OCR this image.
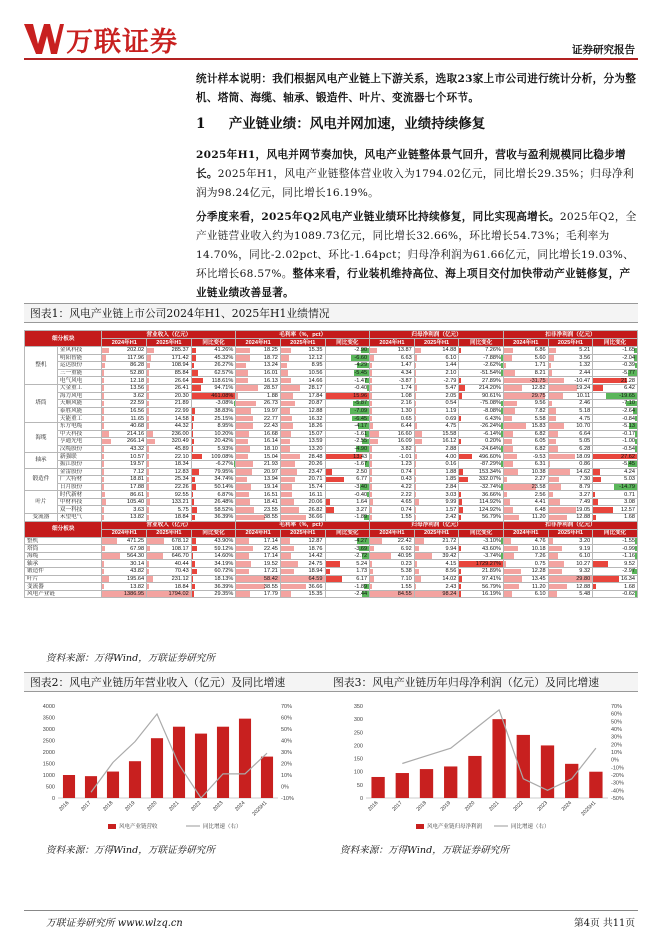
万联证券	证券研究报告
统计样本说明：我们根据风电产业链上下游关系，选取23家上市公司进行统计分析，分为整机、塔筒、海缆、轴承、锻造件、叶片、变流器七个环节。
1 产业链业绩：风电并网加速，业绩持续修复
2025年H1，风电并网节奏加快，风电产业链整体景气回升，营收与盈利规模同比稳步增长。2025年H1，风电产业链整体营业收入为1794.02亿元，同比增长29.35%；归母净利润为98.24亿元，同比增长16.19%。
分季度来看，2025年Q2风电产业链业绩环比持续修复，同比实现高增长。2025年Q2，全产业链营业收入约为1089.73亿元，同比增长32.66%，环比增长54.73%；毛利率为14.70%，同比-2.02pct、环比-1.64pct；归母净利润为61.66亿元，同比增长19.03%、环比增长68.57%。整体来看，行业装机维持高位、海上项目交付加快带动产业链修复，产业链业绩改善显著。
图表1：风电产业链上市公司2024年H1、2025年H1业绩情况
细分板块		营业收入（亿元）			毛利率（%，pct）			归母净利润（亿元）			扣非净利润（亿元）		
		2024年H1	2025年H1	同比变化	2024年H1	2025年H1	同比变化	2024年H1	2025年H1	同比变化	2024年H1	2025年H1	同比变化
整机	金风科技	202.02	285.37	41.26%	18.25	15.35	-2.90	13.87	14.88	7.26%	6.86	5.21	-1.65
	明阳智能	117.96	171.42	45.32%	18.72	12.12	-6.60	6.63	6.10	-7.88%	5.60	3.56	-2.04
	运达股份	86.28	108.94	26.27%	13.24	8.95	-4.29	1.47	1.44	-2.62%	1.71	1.32	-0.39
	三一重能	52.80	85.84	62.57%	16.01	10.56	-5.45	4.34	2.10	-51.54%	8.21	2.44	-5.77
	电气风电	12.18	26.64	118.61%	16.13	14.66	-1.47	-3.87	-2.79	27.89%	-31.75	-10.47	21.28
塔筒	大金重工	13.56	26.41	94.71%	28.57	28.17	-0.40	1.74	5.47	214.20%	12.82	19.24	6.42
	海力风电	3.62	20.30	461.08%	1.88	17.84	15.96	1.08	2.05	90.61%	29.75	10.11	-19.65
	天顺风能	22.59	21.89	-3.08%	26.73	20.87	-5.87	2.16	0.54	-75.08%	9.56	2.46	-7.10
	泰胜风能	16.56	22.99	38.83%	19.97	12.88	-7.09	1.30	1.19	-8.08%	7.82	5.18	-2.64
	天能重工	11.65	14.58	25.15%	22.77	16.32	-6.45	0.65	0.69	6.43%	5.58	4.75	-0.84
海缆	东方电缆	40.68	44.32	8.95%	22.43	18.26	-4.17	6.44	4.75	-26.24%	15.83	10.70	-5.13
	中天科技	214.16	236.00	10.20%	16.68	15.07	-1.61	16.60	15.58	-6.14%	6.82	6.64	-0.17
	亨通光电	266.14	320.49	20.42%	16.14	13.59	-2.55	16.09	16.12	0.20%	6.05	5.05	-1.00
	汉缆股份	43.32	45.89	5.93%	18.10	13.20	-4.90	3.82	2.88	-24.64%	6.82	6.28	-0.54
轴承	新强联	10.57	22.10	109.08%	15.04	28.48	13.43	-1.01	4.00	496.60%	-9.53	18.09	27.62
	振江股份	19.57	18.34	-6.27%	21.93	20.26	-1.67	1.23	0.16	-87.29%	6.31	0.86	-5.45
锻造件	金雷股份	7.12	12.83	79.95%	20.97	23.47	2.50	0.74	1.88	153.34%	10.38	14.62	4.24
	广大特材	18.81	25.34	34.74%	13.94	20.71	6.77	0.43	1.85	332.07%	2.27	7.30	5.03
	日月股份	17.88	22.26	50.14%	19.14	15.74	-3.40	4.22	2.84	-32.74%	23.58	8.79	-14.79
叶片	时代新材	86.61	92.55	6.87%	16.51	16.11	-0.40	2.22	3.03	36.66%	2.56	3.27	0.71
	中材科技	105.40	133.21	26.48%	18.41	20.06	1.64	4.65	9.99	114.92%	4.41	7.49	3.08
	双一科技	3.63	5.75	58.52%	23.55	26.82	3.27	0.74	1.57	124.92%	6.48	19.05	12.57
变流器	禾望电气	13.82	18.84	36.39%	38.55	36.66	-1.89	1.55	2.42	56.79%	11.20	12.88	1.68
细分板块		营业收入（亿元）			毛利率（%，pct）			归母净利润（亿元）			扣非净利润（亿元）		
		2024年H1	2025年H1	同比变化	2024年H1	2025年H1	同比变化	2024年H1	2025年H1	同比变化	2024年H1	2025年H1	同比变化
整机		471.25	678.12	43.90%	17.14	12.87	-4.27	22.42	21.72	-3.10%	4.76	3.20	-1.55
塔筒		67.98	108.17	59.12%	22.45	18.76	-3.69	6.92	9.94	43.60%	10.18	9.19	-0.99
海缆		564.30	646.70	14.60%	17.14	14.42	-2.72	40.95	39.42	-3.74%	7.26	6.10	-1.16
轴承		30.14	40.44	34.19%	19.52	24.75	5.24	0.23	4.15	1729.27%	0.75	10.27	9.52
锻造件		43.82	70.43	60.72%	17.21	18.94	1.73	5.38	8.56	21.89%	12.28	9.32	-2.97
叶片		195.64	231.12	18.13%	58.42	64.59	6.17	7.10	14.02	97.41%	13.45	29.80	16.34
变流器		13.82	18.84	36.39%	38.55	36.66	-1.89	1.55	2.43	56.79%	11.20	12.88	1.68
风电产业链		1386.95	1794.02	29.35%	17.79	15.35	-2.44	84.55	98.24	16.19%	6.10	5.48	-0.62
资料来源：万得Wind，万联证券研究所
图表2：风电产业链历年营业收入（亿元）及同比增速	图表3：风电产业链历年归母净利润（亿元）及同比增速
0
500
1000
1500
2000
2500
3000
3500
4000
-10%
0%
10%
20%
30%
40%
50%
60%
70%
2016 2017 2018 2019 2020 2021 2022 2023 2024 2025H1
风电产业链营收	同比增速（右）
0
50
100
150
200
250
300
350
-50%
-40%
-30%
-20%
-10%
0%
10%
20%
30%
40%
50%
60%
70%
2016 2017 2018 2019 2020 2021 2022 2023 2024 2025H1
风电产业链归母净利润	同比增速（右）
资料来源：万得Wind，万联证券研究所	资料来源：万得Wind，万联证券研究所
万联证券研究所 www.wlzq.cn	第4页 共11页
